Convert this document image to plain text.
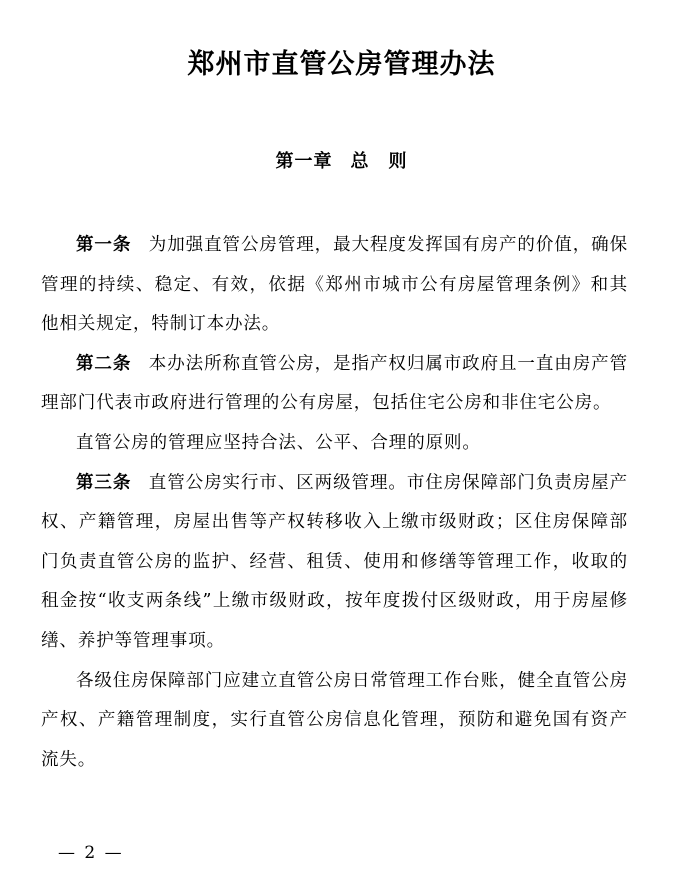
郑州市直管公房管理办法
第一章 总　则

第一条 为加强直管公房管理，最大程度发挥国有房产的价值，确保管理的持续、稳定、有效，依据《郑州市城市公有房屋管理条例》和其他相关规定，特制订本办法。

第二条 本办法所称直管公房，是指产权归属市政府且一直由房产管理部门代表市政府进行管理的公有房屋，包括住宅公房和非住宅公房。

直管公房的管理应坚持合法、公平、合理的原则。

第三条 直管公房实行市、区两级管理。市住房保障部门负责房屋产权、产籍管理，房屋出售等产权转移收入上缴市级财政；区住房保障部门负责直管公房的监护、经营、租赁、使用和修缮等管理工作，收取的租金按“收支两条线”上缴市级财政，按年度拨付区级财政，用于房屋修缮、养护等管理事项。

各级住房保障部门应建立直管公房日常管理工作台账，健全直管公房产权、产籍管理制度，实行直管公房信息化管理，预防和避免国有资产流失。

— 2 —
